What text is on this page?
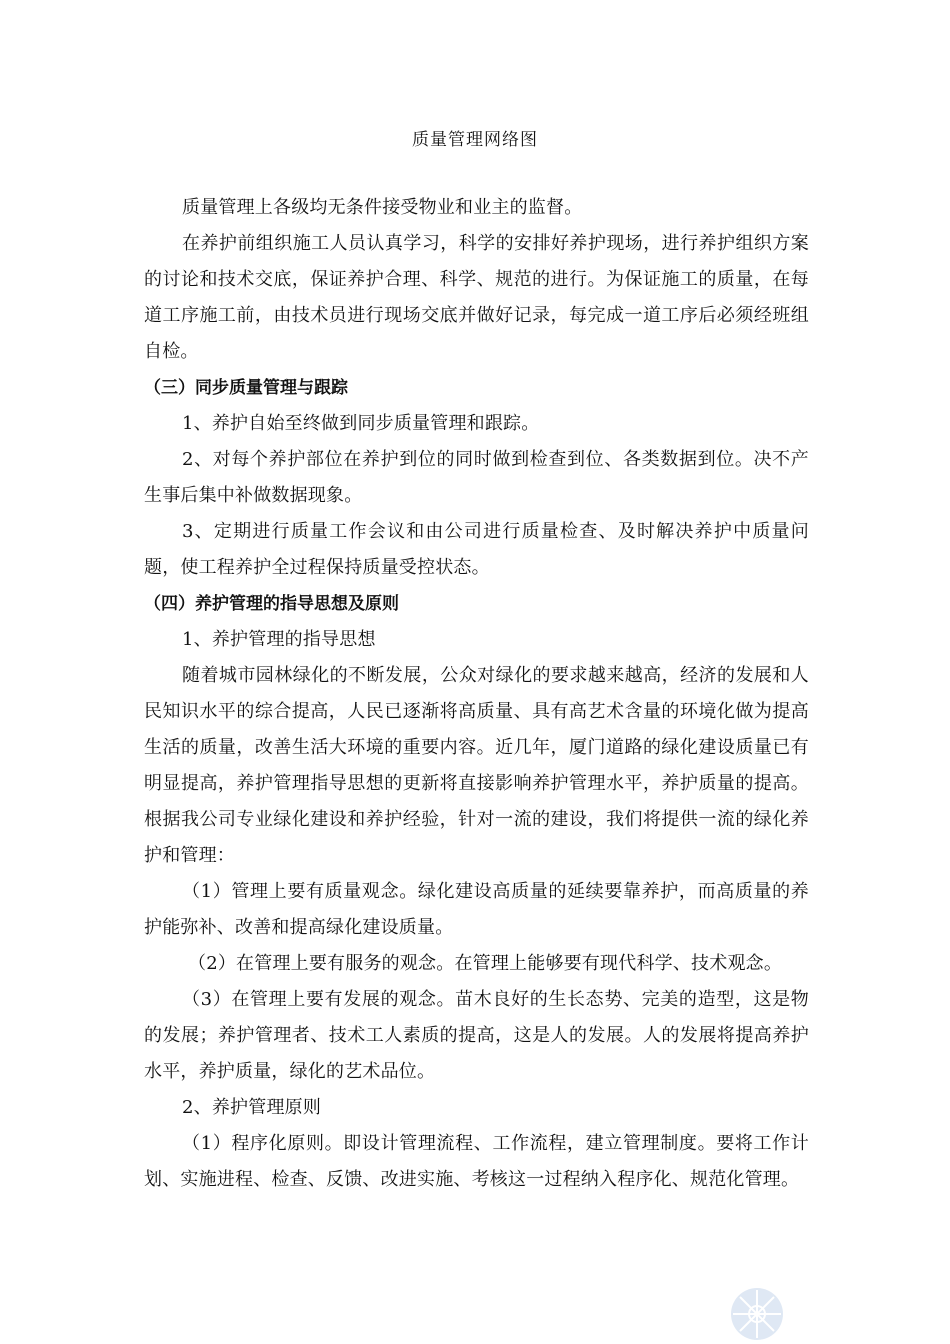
质量管理网络图

质量管理上各级均无条件接受物业和业主的监督。

在养护前组织施工人员认真学习，科学的安排好养护现场，进行养护组织方案的讨论和技术交底，保证养护合理、科学、规范的进行。为保证施工的质量，在每道工序施工前，由技术员进行现场交底并做好记录，每完成一道工序后必须经班组自检。

（三）同步质量管理与跟踪

1、养护自始至终做到同步质量管理和跟踪。

2、对每个养护部位在养护到位的同时做到检查到位、各类数据到位。决不产生事后集中补做数据现象。

3、定期进行质量工作会议和由公司进行质量检查、及时解决养护中质量问题，使工程养护全过程保持质量受控状态。

（四）养护管理的指导思想及原则

1、养护管理的指导思想

随着城市园林绿化的不断发展，公众对绿化的要求越来越高，经济的发展和人民知识水平的综合提高，人民已逐渐将高质量、具有高艺术含量的环境化做为提高生活的质量，改善生活大环境的重要内容。近几年，厦门道路的绿化建设质量已有明显提高，养护管理指导思想的更新将直接影响养护管理水平，养护质量的提高。根据我公司专业绿化建设和养护经验，针对一流的建设，我们将提供一流的绿化养护和管理：

（1）管理上要有质量观念。绿化建设高质量的延续要靠养护，而高质量的养护能弥补、改善和提高绿化建设质量。

（2）在管理上要有服务的观念。在管理上能够要有现代科学、技术观念。

（3）在管理上要有发展的观念。苗木良好的生长态势、完美的造型，这是物的发展；养护管理者、技术工人素质的提高，这是人的发展。人的发展将提高养护水平，养护质量，绿化的艺术品位。

2、养护管理原则

（1）程序化原则。即设计管理流程、工作流程，建立管理制度。要将工作计划、实施进程、检查、反馈、改进实施、考核这一过程纳入程序化、规范化管理。
